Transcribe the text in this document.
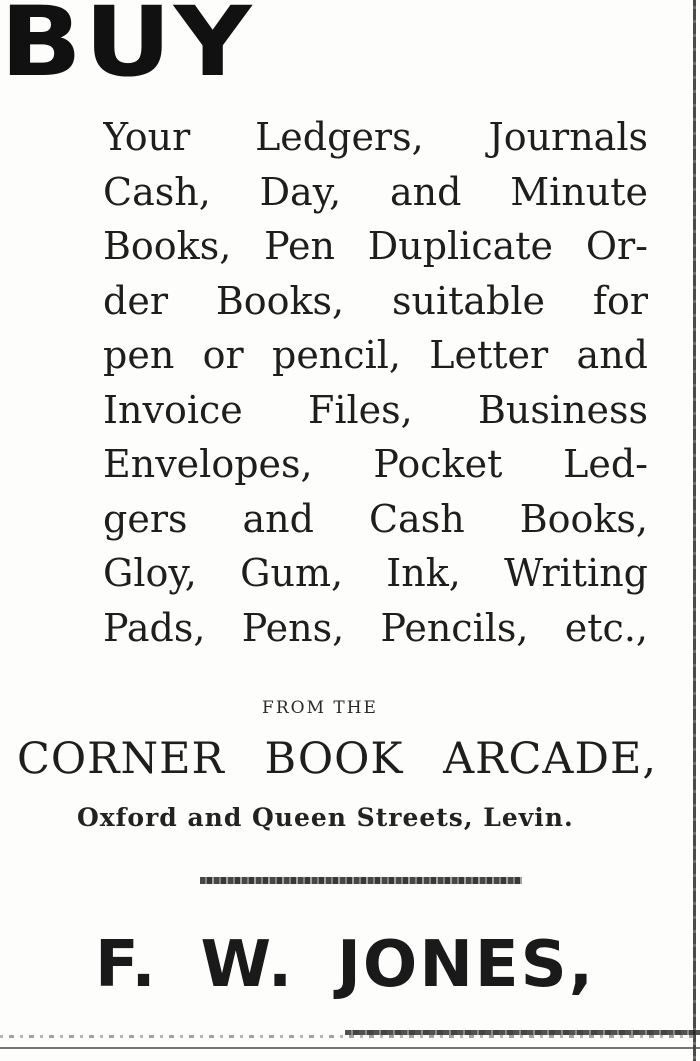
BUY
Your Ledgers, Journals
Cash, Day, and Minute
Books, Pen Duplicate Or-
der Books, suitable for
pen or pencil, Letter and
Invoice Files, Business
Envelopes, Pocket Led-
gers and Cash Books,
Gloy, Gum, Ink, Writing
Pads, Pens, Pencils, etc.,
FROM THE
CORNER BOOK ARCADE,
Oxford and Queen Streets, Levin.
F. W. JONES,
